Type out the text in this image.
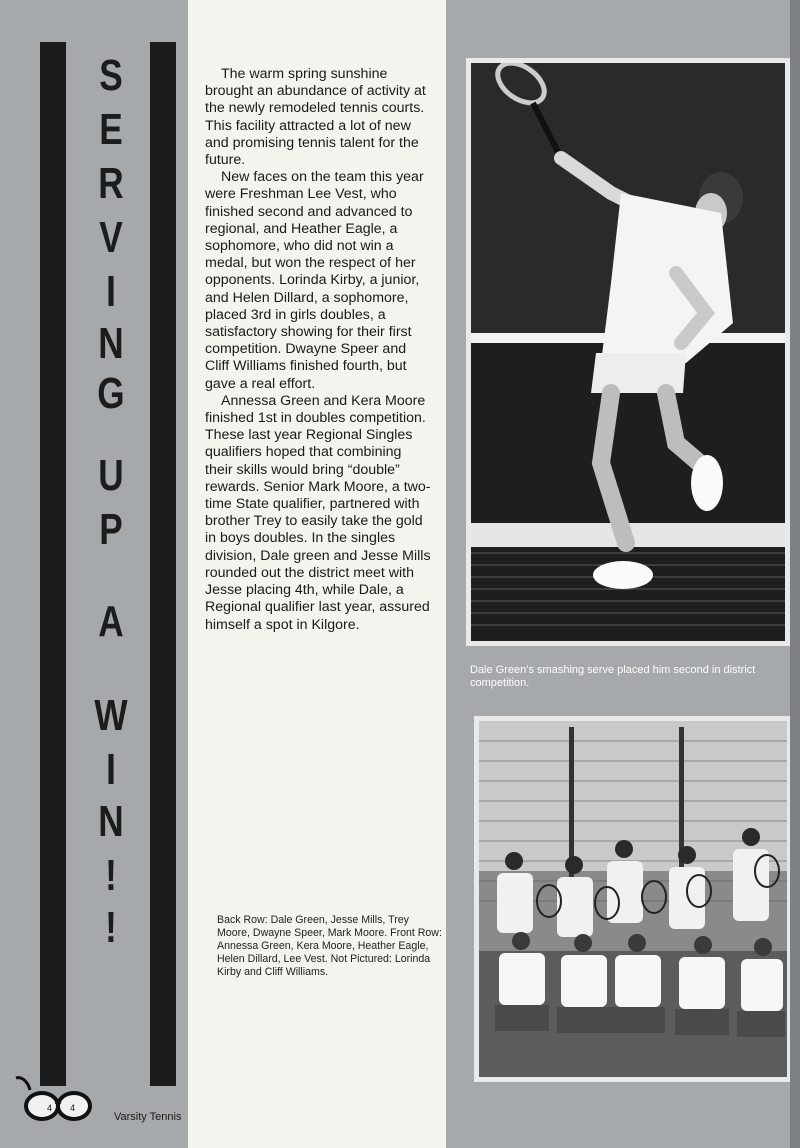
S
E
R
V
I
N
G
U
P
A
W
I
N
!
!

The warm spring sunshine brought an abundance of activity at the newly remodeled tennis courts. This facility attracted a lot of new and promising tennis talent for the future.

New faces on the team this year were Freshman Lee Vest, who finished second and advanced to regional, and Heather Eagle, a sophomore, who did not win a medal, but won the respect of her opponents. Lorinda Kirby, a junior, and Helen Dillard, a sophomore, placed 3rd in girls doubles, a satisfactory showing for their first competition. Dwayne Speer and Cliff Williams finished fourth, but gave a real effort.

Annessa Green and Kera Moore finished 1st in doubles competition. These last year Regional Singles qualifiers hoped that combining their skills would bring “double” rewards. Senior Mark Moore, a two-time State qualifier, partnered with brother Trey to easily take the gold in boys doubles. In the singles division, Dale green and Jesse Mills rounded out the district meet with Jesse placing 4th, while Dale, a Regional qualifier last year, assured himself a spot in Kilgore.

Back Row: Dale Green, Jesse Mills, Trey Moore, Dwayne Speer, Mark Moore. Front Row: Annessa Green, Kera Moore, Heather Eagle, Helen Dillard, Lee Vest. Not Pictured: Lorinda Kirby and Cliff Williams.

Dale Green’s smashing serve placed him second in district competition.

44
Varsity Tennis
